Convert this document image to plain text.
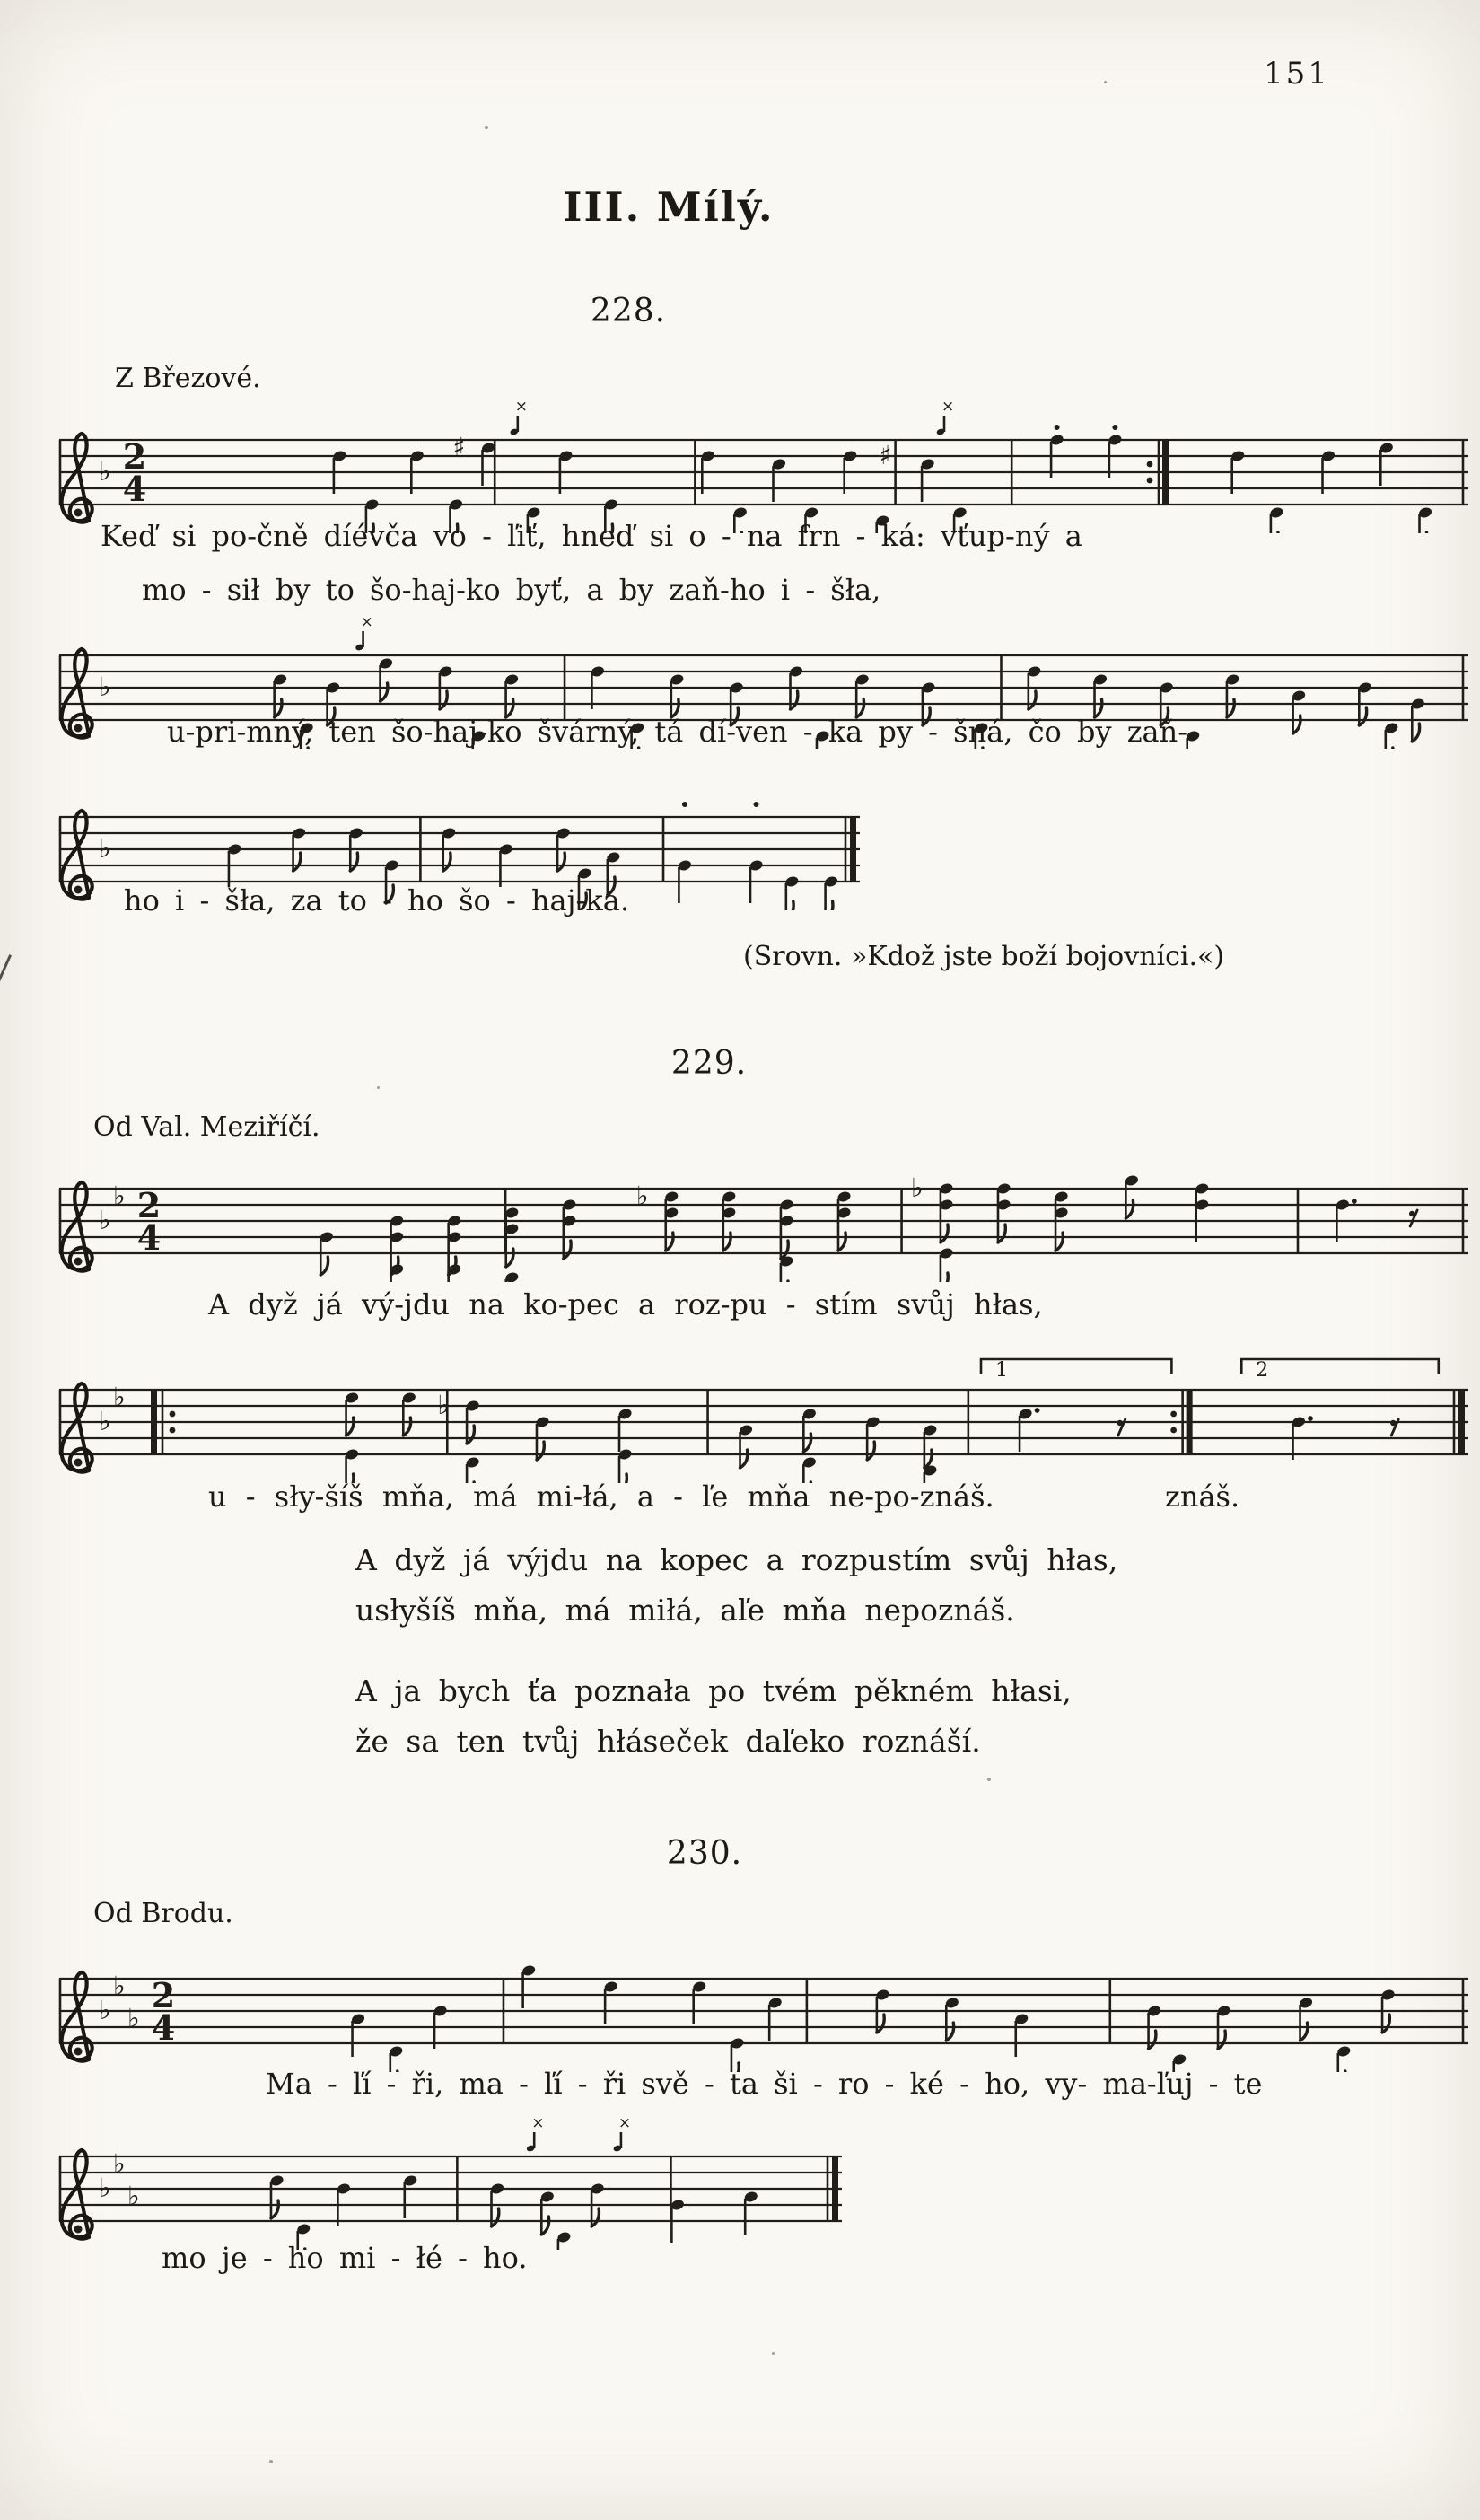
151
III. Mílý.
228.
Z Březové.
♭ 2
4
×	×
♯	♯
Keď si po-čně díévča vo - ľiť, hneď si o - na frn - ká: vťup-ný a
mo - sił by to šo-haj-ko byť, a by zaň-ho i - šła,
♭
×
u-pri-mný, ten šo-haj-ko švárný, tá dí-ven - ka py - šná, čo by zaň-
♭
ho i - šła, za to - ho šo - haj-ka.
(Srovn. »Kdož jste boží bojovníci.«)
229.
Od Val. Meziříčí.
♭
♭ 2
4
♭	♭
A dyž já vý-jdu na ko-pec a roz-pu - stím svůj hłas,
♭
♭
1	2
♭
u - sły-šíš mňa, má mi-łá, a - ľe mňa ne-po-znáš.	znáš.
A dyž já výjdu na kopec a rozpustím svůj hłas,
usłyšíš mňa, má miłá, aľe mňa nepoznáš.
A ja bych ťa poznała po tvém pěkném hłasi,
že sa ten tvůj hłáseček daľeko roznáší.
230.
Od Brodu.
♭
♭
♭
2
4
Ma - ľí - ři, ma - ľí - ři svě - ta ši - ro - ké - ho, vy- ma-ľuj - te
♭
♭
♭
×	×
mo je - ho mi - łé - ho.
